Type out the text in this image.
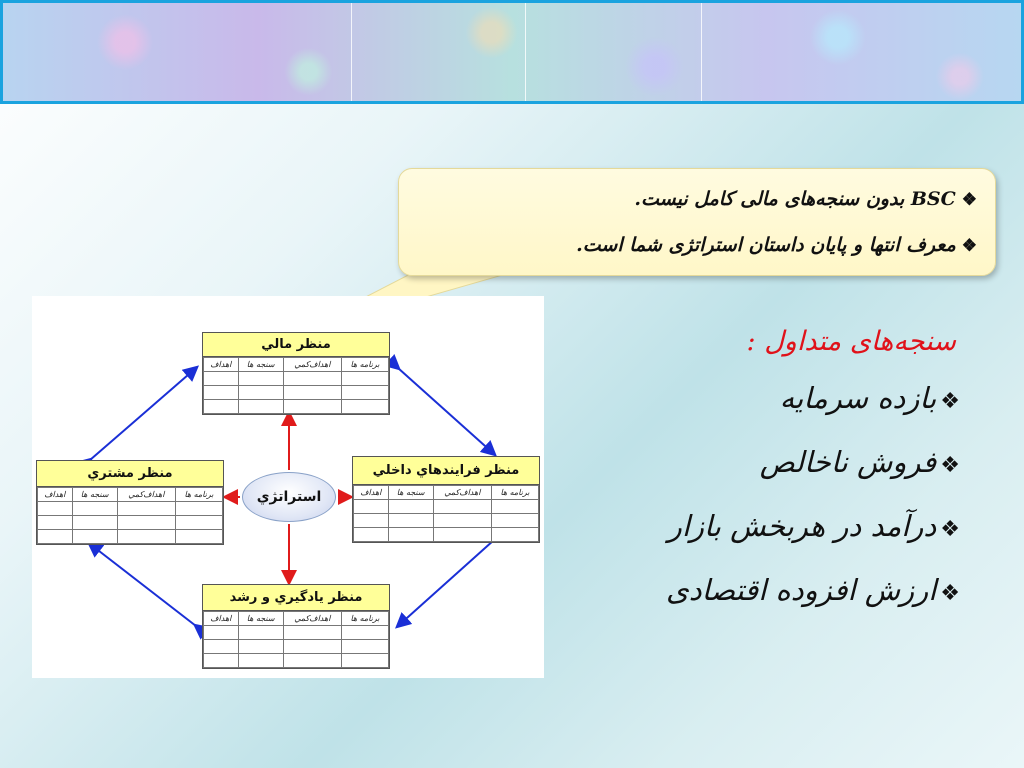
❖BSC بدون سنجه‌های مالی کامل نیست.
❖معرف انتها و پایان داستان استراتژی شما است.
منظر مالي
برنامه ها	اهداف‌كمي	سنجه ها	اهداف

منظر مشتري
برنامه ها	اهداف‌كمي	سنجه ها	اهداف

منظر فرايندهاي داخلي
برنامه ها	اهداف‌كمي	سنجه ها	اهداف

منظر يادگيري و رشد
برنامه ها	اهداف‌كمي	سنجه ها	اهداف

استراتژي
سنجه‌های متداول :
❖بازده سرمایه
❖فروش ناخالص
❖درآمد در هربخش بازار
❖ارزش افزوده اقتصادی
